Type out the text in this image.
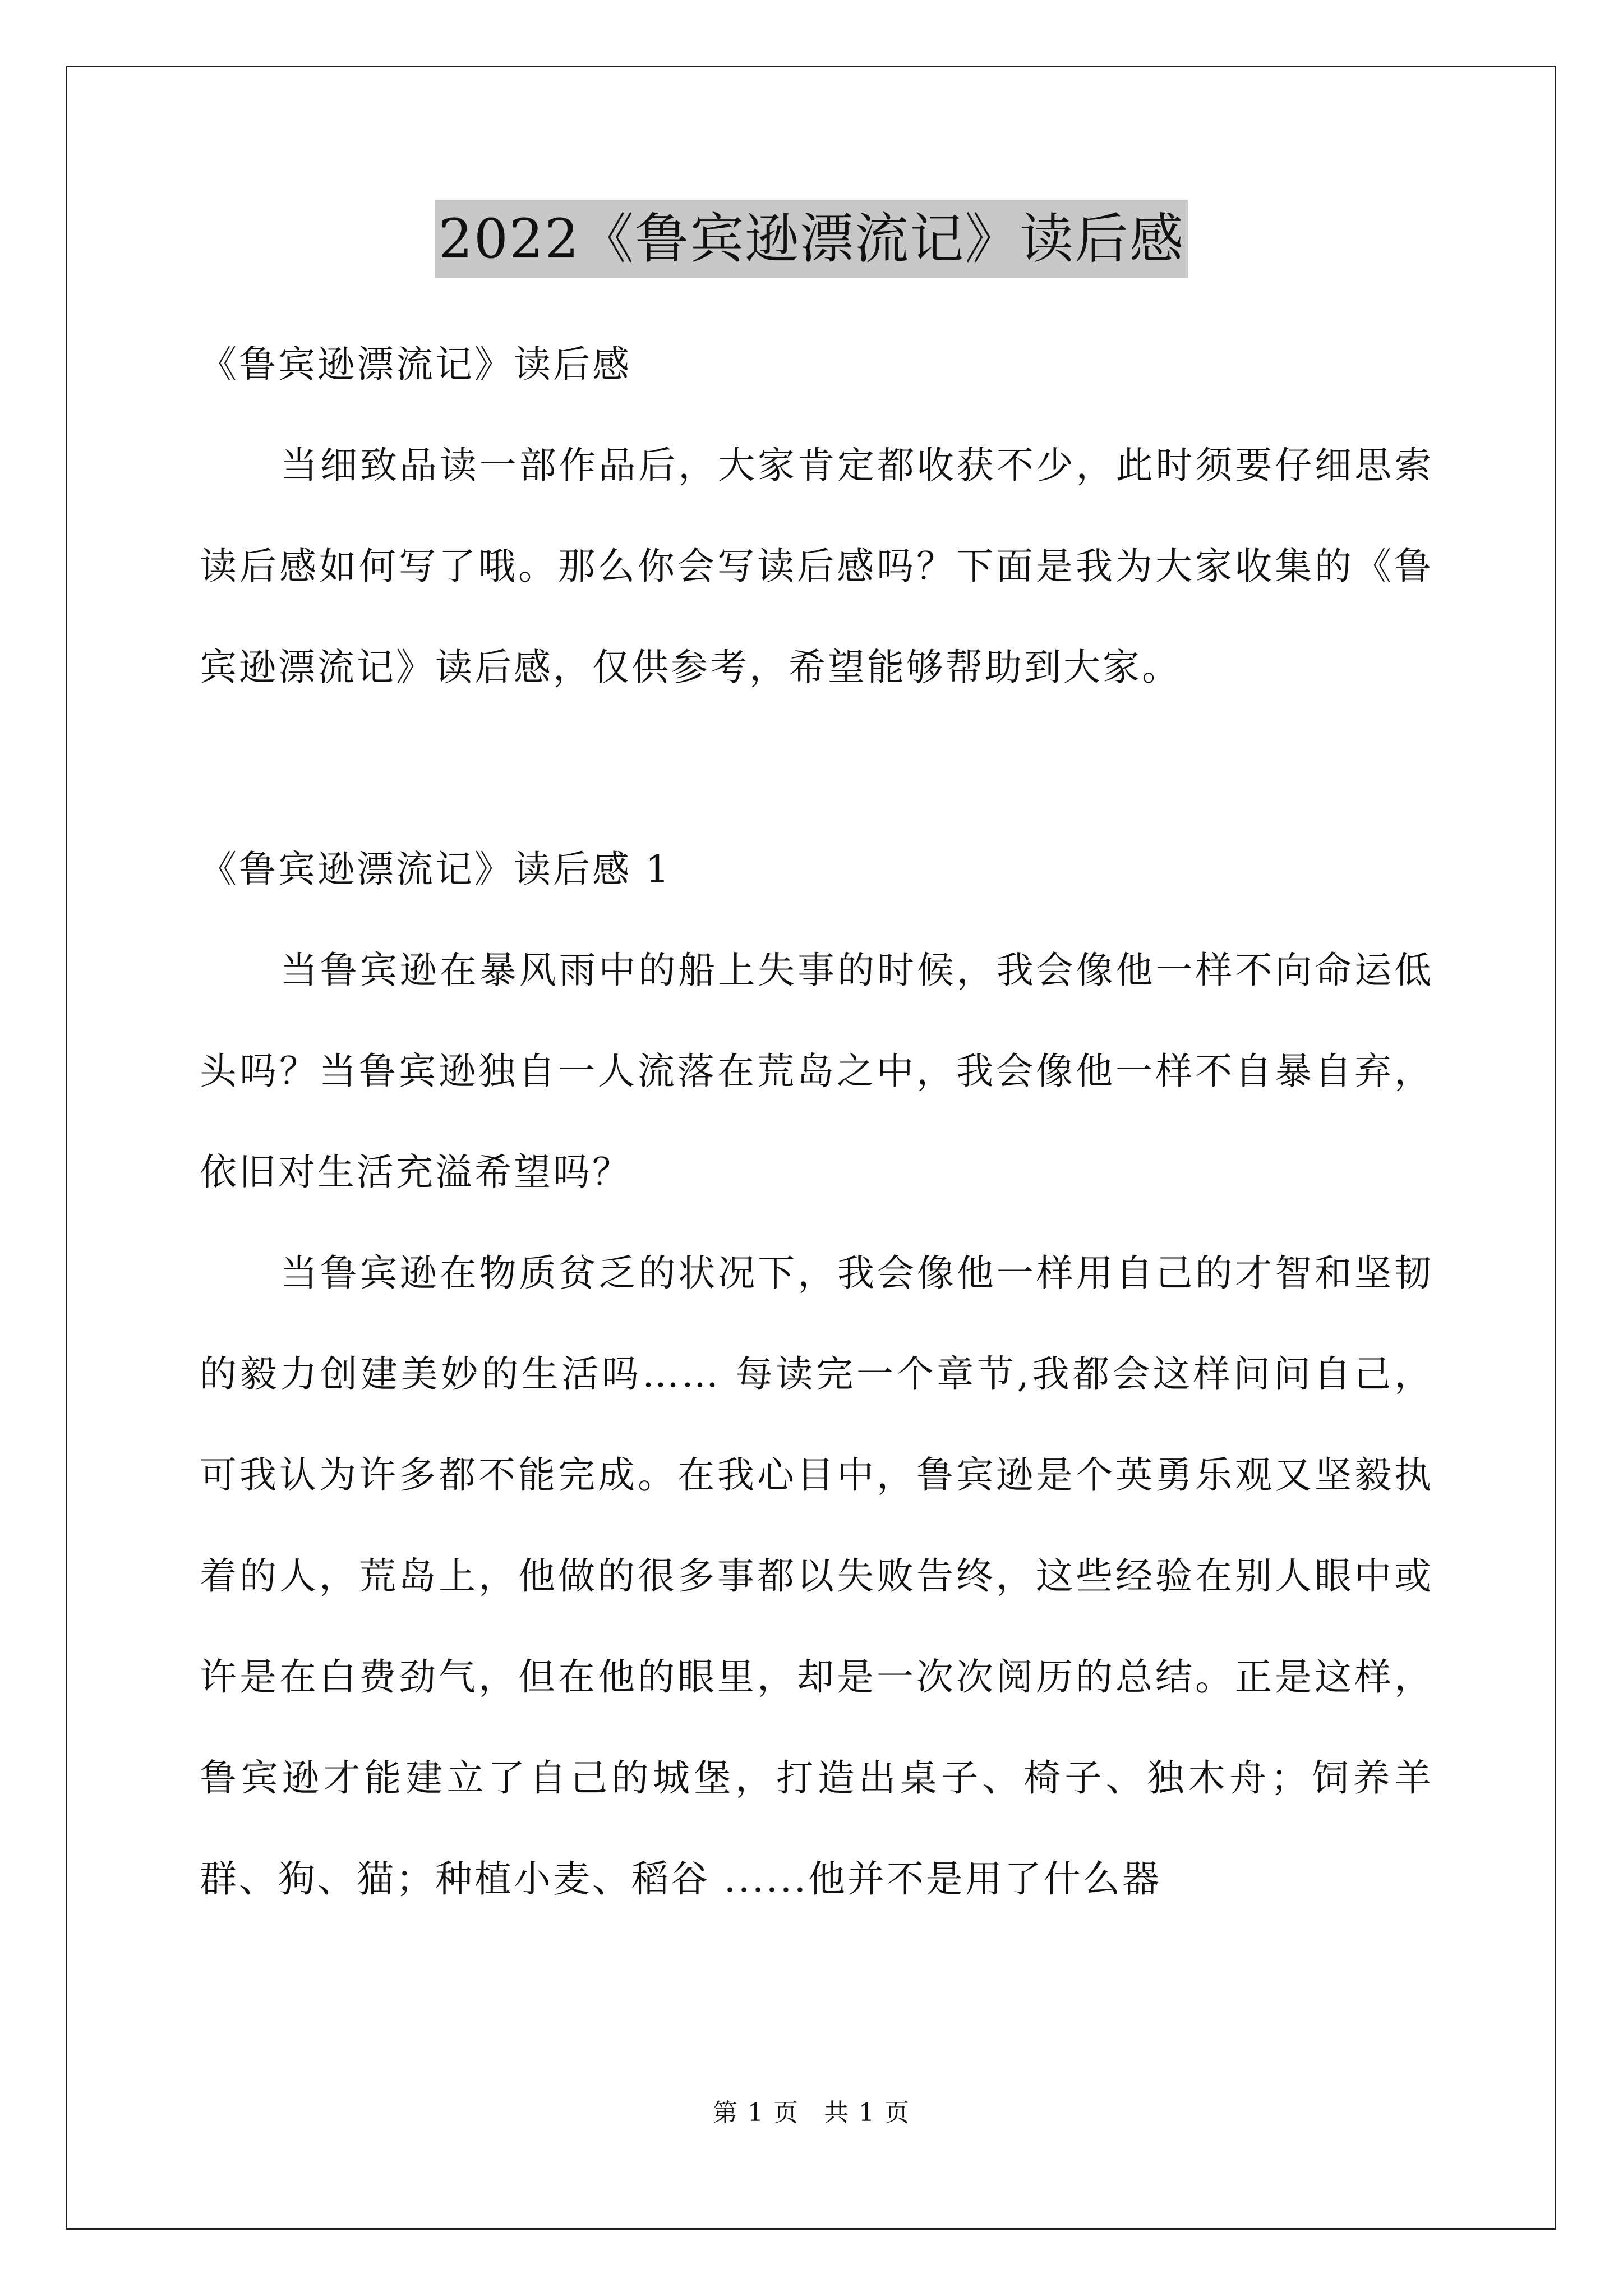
2022《鲁宾逊漂流记》读后感

《鲁宾逊漂流记》读后感

当细致品读一部作品后，大家肯定都收获不少，此时须要仔细思索读后感如何写了哦。那么你会写读后感吗？下面是我为大家收集的《鲁宾逊漂流记》读后感，仅供参考，希望能够帮助到大家。

《鲁宾逊漂流记》读后感 1

当鲁宾逊在暴风雨中的船上失事的时候，我会像他一样不向命运低头吗？当鲁宾逊独自一人流落在荒岛之中，我会像他一样不自暴自弃，依旧对生活充溢希望吗？

当鲁宾逊在物质贫乏的状况下，我会像他一样用自己的才智和坚韧的毅力创建美妙的生活吗…… 每读完一个章节,我都会这样问问自己，可我认为许多都不能完成。在我心目中，鲁宾逊是个英勇乐观又坚毅执着的人，荒岛上，他做的很多事都以失败告终，这些经验在别人眼中或许是在白费劲气，但在他的眼里，却是一次次阅历的总结。正是这样，鲁宾逊才能建立了自己的城堡，打造出桌子、椅子、独木舟；饲养羊群、狗、猫；种植小麦、稻谷 ......他并不是用了什么器

第 1 页 共 1 页
